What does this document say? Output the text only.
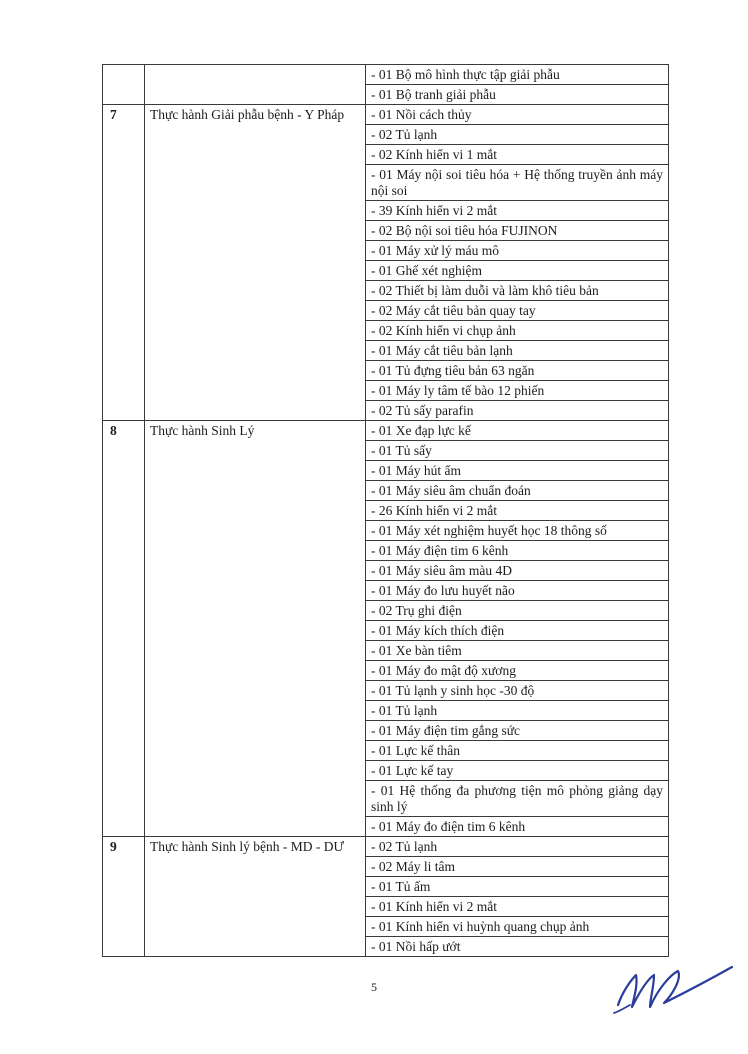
		- 01 Bộ mô hình thực tập giải phẫu
		- 01 Bộ tranh giải phẫu
7	Thực hành Giải phẫu bệnh - Y Pháp	- 01 Nồi cách thủy
		- 02 Tủ lạnh
		- 02 Kính hiển vi 1 mắt
		- 01 Máy nội soi tiêu hóa + Hệ thống truyền ảnh máy nội soi
		- 39 Kính hiển vi 2 mắt
		- 02 Bộ nội soi tiêu hóa FUJINON
		- 01 Máy xử lý máu mô
		- 01 Ghế xét nghiệm
		- 02 Thiết bị làm duỗi và làm khô tiêu bản
		- 02 Máy cắt tiêu bản quay tay
		- 02 Kính hiển vi chụp ảnh
		- 01 Máy cắt tiêu bản lạnh
		- 01 Tủ đựng tiêu bản 63 ngăn
		- 01 Máy ly tâm tế bào 12 phiến
		- 02 Tủ sấy parafin
8	Thực hành Sinh Lý	- 01 Xe đạp lực kế
		- 01 Tủ sấy
		- 01 Máy hút ẩm
		- 01 Máy siêu âm chuẩn đoán
		- 26 Kính hiển vi 2 mắt
		- 01 Máy xét nghiệm huyết học 18 thông số
		- 01 Máy điện tim 6 kênh
		- 01 Máy siêu âm màu 4D
		- 01 Máy đo lưu huyết não
		- 02 Trụ ghi điện
		- 01 Máy kích thích điện
		- 01 Xe bàn tiêm
		- 01 Máy đo mật độ xương
		- 01 Tủ lạnh y sinh học -30 độ
		- 01 Tủ lạnh
		- 01 Máy điện tim gắng sức
		- 01 Lực kế thân
		- 01 Lực kế tay
		- 01 Hệ thống đa phương tiện mô phỏng giảng dạy sinh lý
		- 01 Máy đo điện tim 6 kênh
9	Thực hành Sinh lý bệnh - MD - DƯ	- 02 Tủ lạnh
		- 02 Máy li tâm
		- 01 Tủ ấm
		- 01 Kính hiển vi 2 mắt
		- 01 Kính hiển vi huỳnh quang chụp ảnh
		- 01 Nồi hấp ướt
5
